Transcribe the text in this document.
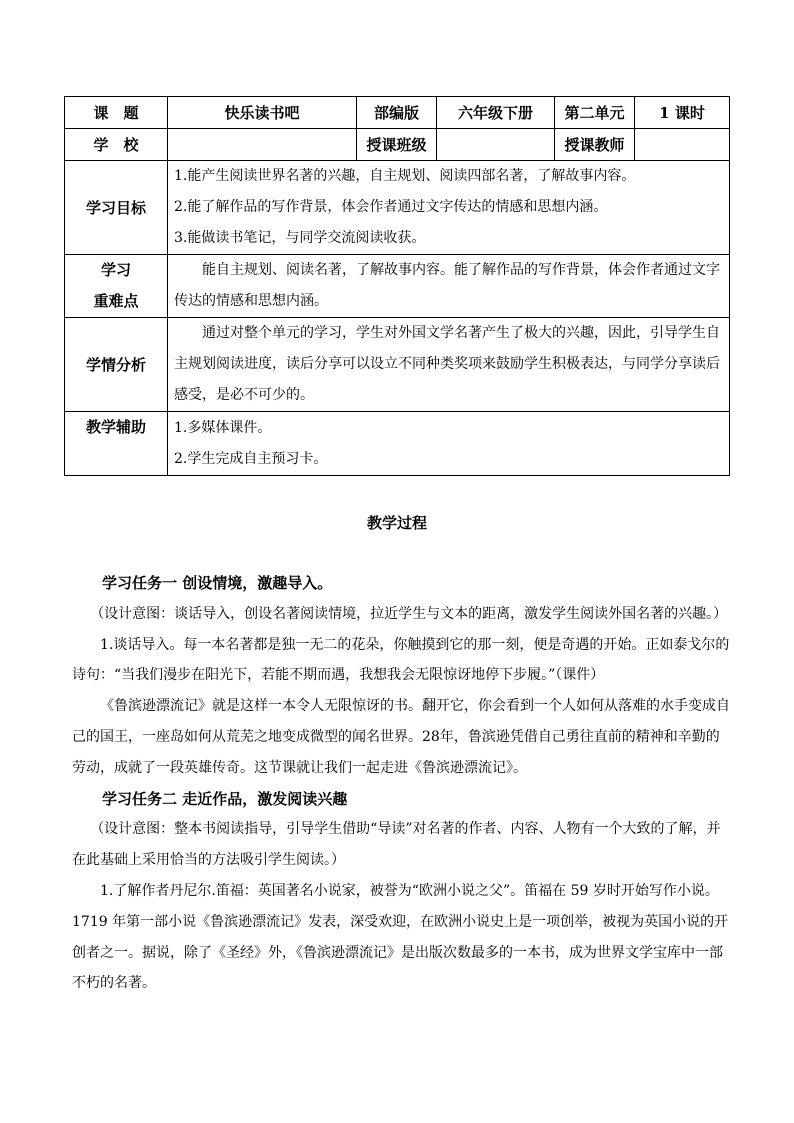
课　题	快乐读书吧	部编版	六年级下册	第二单元	1 课时
学　校		授课班级		授课教师	
学习目标	1.能产生阅读世界名著的兴趣，自主规划、阅读四部名著，了解故事内容。
2.能了解作品的写作背景，体会作者通过文字传达的情感和思想内涵。
3.能做读书笔记，与同学交流阅读收获。				

学习
重难点	能自主规划、阅读名著，了解故事内容。能了解作品的写作背景，体会作者通过文字传达的情感和思想内涵。				

学情分析	通过对整个单元的学习，学生对外国文学名著产生了极大的兴趣，因此，引导学生自主规划阅读进度，读后分享可以设立不同种类奖项来鼓励学生积极表达，与同学分享读后感受，是必不可少的。				

教学辅助	1.多媒体课件。
2.学生完成自主预习卡。				
教学过程

学习任务一 创设情境，激趣导入。

（设计意图：谈话导入，创设名著阅读情境，拉近学生与文本的距离，激发学生阅读外国名著的兴趣。）

1.谈话导入。每一本名著都是独一无二的花朵，你触摸到它的那一刻，便是奇遇的开始。正如泰戈尔的诗句：“当我们漫步在阳光下，若能不期而遇，我想我会无限惊讶地停下步履。”（课件）

《鲁滨逊漂流记》就是这样一本令人无限惊讶的书。翻开它，你会看到一个人如何从落难的水手变成自己的国王，一座岛如何从荒芜之地变成微型的闻名世界。28年，鲁滨逊凭借自己勇往直前的精神和辛勤的劳动，成就了一段英雄传奇。这节课就让我们一起走进《鲁滨逊漂流记》。

学习任务二 走近作品，激发阅读兴趣

（设计意图：整本书阅读指导，引导学生借助“导读”对名著的作者、内容、人物有一个大致的了解，并在此基础上采用恰当的方法吸引学生阅读。）

1.了解作者丹尼尔.笛福：英国著名小说家，被誉为“欧洲小说之父”。笛福在 59 岁时开始写作小说。1719 年第一部小说《鲁滨逊漂流记》发表，深受欢迎，在欧洲小说史上是一项创举，被视为英国小说的开创者之一。据说，除了《圣经》外，《鲁滨逊漂流记》是出版次数最多的一本书，成为世界文学宝库中一部不朽的名著。
